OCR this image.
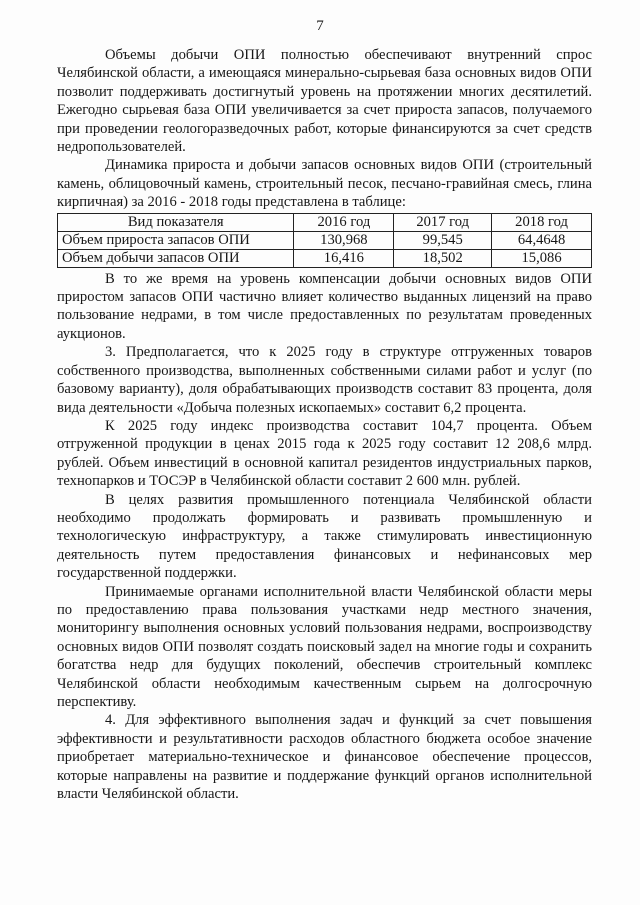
7

Объемы добычи ОПИ полностью обеспечивают внутренний спрос Челябинской области, а имеющаяся минерально-сырьевая база основных видов ОПИ позволит поддерживать достигнутый уровень на протяжении многих десятилетий. Ежегодно сырьевая база ОПИ увеличивается за счет прироста запасов, получаемого при проведении геологоразведочных работ, которые финансируются за счет средств недропользователей.

Динамика прироста и добычи запасов основных видов ОПИ (строительный камень, облицовочный камень, строительный песок, песчано-гравийная смесь, глина кирпичная) за 2016 - 2018 годы представлена в таблице:

Вид показателя	2016 год	2017 год	2018 год
Объем прироста запасов ОПИ	130,968	99,545	64,4648
Объем добычи запасов ОПИ	16,416	18,502	15,086

В то же время на уровень компенсации добычи основных видов ОПИ приростом запасов ОПИ частично влияет количество выданных лицензий на право пользование недрами, в том числе предоставленных по результатам проведенных аукционов.

3. Предполагается, что к 2025 году в структуре отгруженных товаров собственного производства, выполненных собственными силами работ и услуг (по базовому варианту), доля обрабатывающих производств составит 83 процента, доля вида деятельности «Добыча полезных ископаемых» составит 6,2 процента.

К 2025 году индекс производства составит 104,7 процента. Объем отгруженной продукции в ценах 2015 года к 2025 году составит 12 208,6 млрд. рублей. Объем инвестиций в основной капитал резидентов индустриальных парков, технопарков и ТОСЭР в Челябинской области составит 2 600 млн. рублей.

В целях развития промышленного потенциала Челябинской области необходимо продолжать формировать и развивать промышленную и технологическую инфраструктуру, а также стимулировать инвестиционную деятельность путем предоставления финансовых и нефинансовых мер государственной поддержки.

Принимаемые органами исполнительной власти Челябинской области меры по предоставлению права пользования участками недр местного значения, мониторингу выполнения основных условий пользования недрами, воспроизводству основных видов ОПИ позволят создать поисковый задел на многие годы и сохранить богатства недр для будущих поколений, обеспечив строительный комплекс Челябинской области необходимым качественным сырьем на долгосрочную перспективу.

4. Для эффективного выполнения задач и функций за счет повышения эффективности и результативности расходов областного бюджета особое значение приобретает материально-техническое и финансовое обеспечение процессов, которые направлены на развитие и поддержание функций органов исполнительной власти Челябинской области.
